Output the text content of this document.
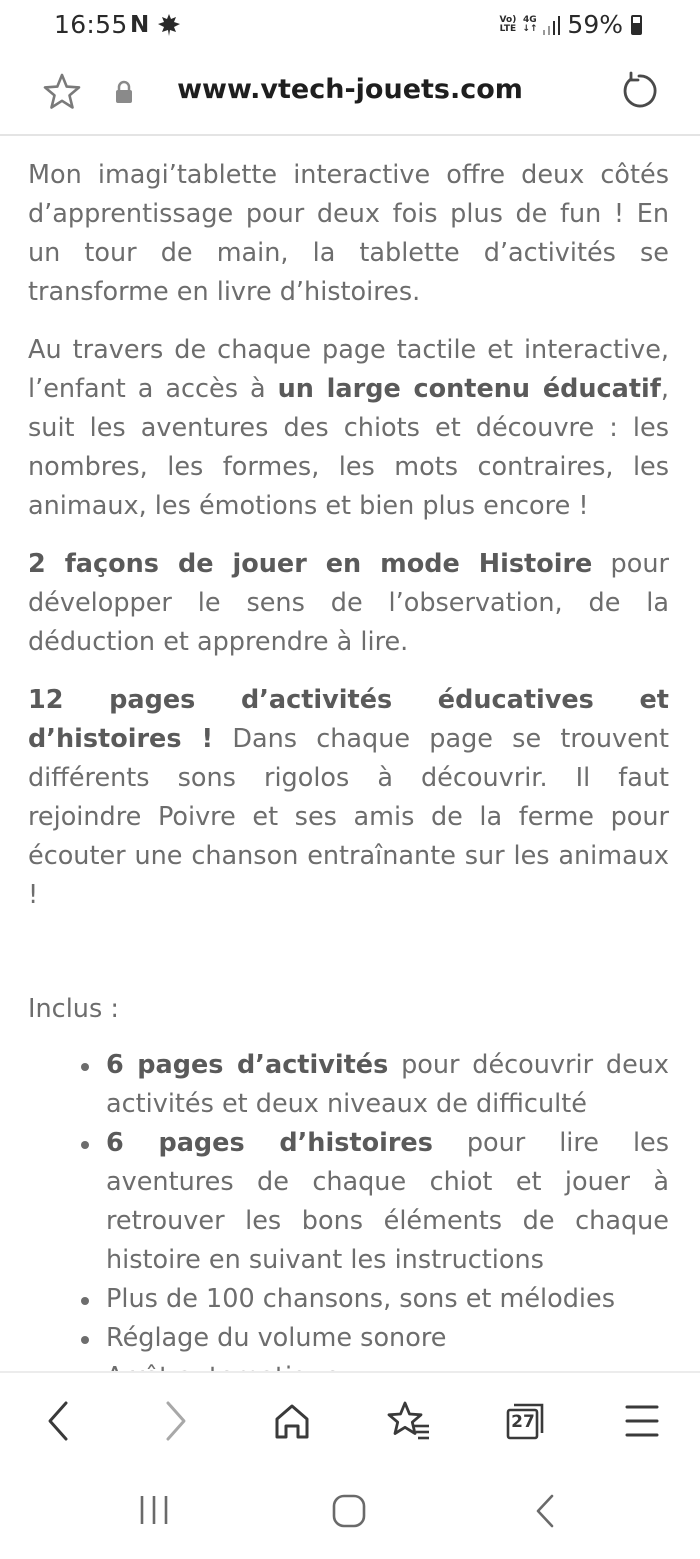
16:55 N	Vo)
LTE
4G
↓↑ 59%
www.vtech-jouets.com

Mon imagi’tablette interactive offre deux côtés d’apprentissage pour deux fois plus de fun ! En un tour de main, la tablette d’activités se transforme en livre d’histoires.

Au travers de chaque page tactile et interactive, l’enfant a accès à un large contenu éducatif, suit les aventures des chiots et découvre : les nombres, les formes, les mots contraires, les animaux, les émotions et bien plus encore !

2 façons de jouer en mode Histoire pour développer le sens de l’observation, de la déduction et apprendre à lire.

12 pages d’activités éducatives et d’histoires ! Dans chaque page se trouvent différents sons rigolos à découvrir. Il faut rejoindre Poivre et ses amis de la ferme pour écouter une chanson entraînante sur les animaux !

Inclus :
6 pages d’activités pour découvrir deux activités et deux niveaux de difficulté
6 pages d’histoires pour lire les aventures de chaque chiot et jouer à retrouver les bons éléments de chaque histoire en suivant les instructions
Plus de 100 chansons, sons et mélodies
Réglage du volume sonore
27
